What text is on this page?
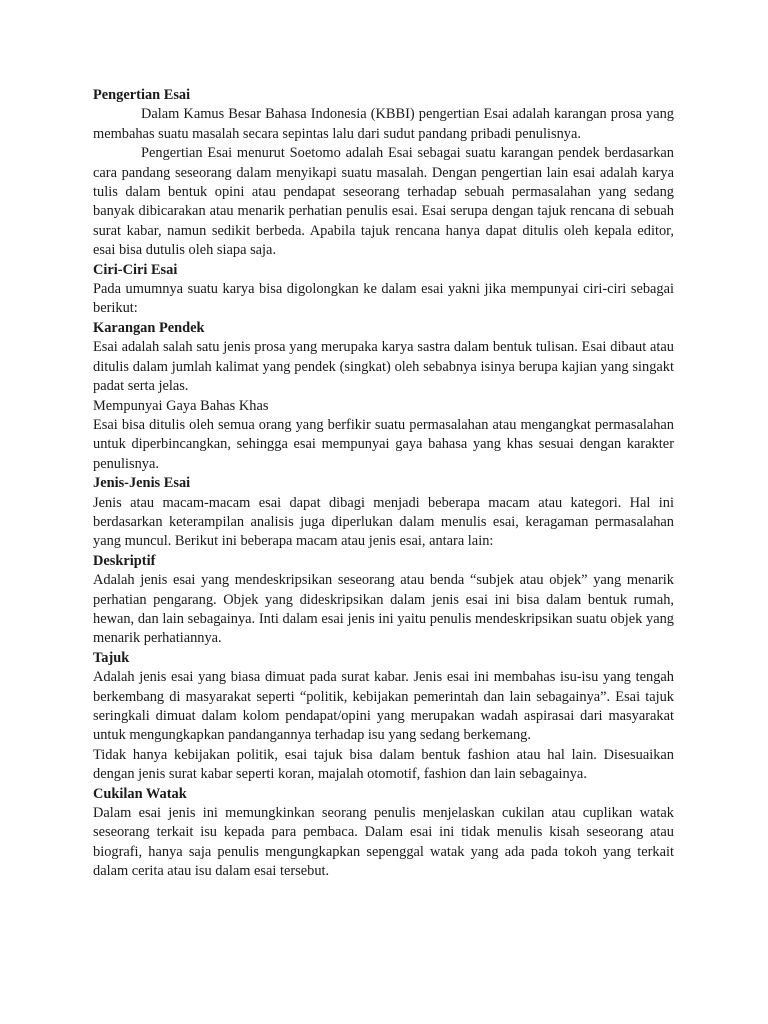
Pengertian Esai
Dalam Kamus Besar Bahasa Indonesia (KBBI) pengertian Esai adalah karangan prosa yang membahas suatu masalah secara sepintas lalu dari sudut pandang pribadi penulisnya.
Pengertian Esai menurut Soetomo adalah Esai sebagai suatu karangan pendek berdasarkan cara pandang seseorang dalam menyikapi suatu masalah. Dengan pengertian lain esai adalah karya tulis dalam bentuk opini atau pendapat seseorang terhadap sebuah permasalahan yang sedang banyak dibicarakan atau menarik perhatian penulis esai. Esai serupa dengan tajuk rencana di sebuah surat kabar, namun sedikit berbeda. Apabila tajuk rencana hanya dapat ditulis oleh kepala editor, esai bisa dutulis oleh siapa saja.
Ciri-Ciri Esai
Pada umumnya suatu karya bisa digolongkan ke dalam esai yakni jika mempunyai ciri-ciri sebagai berikut:
Karangan Pendek
Esai adalah salah satu jenis prosa yang merupaka karya sastra dalam bentuk tulisan. Esai dibaut atau ditulis dalam jumlah kalimat yang pendek (singkat) oleh sebabnya isinya berupa kajian yang singakt padat serta jelas.
Mempunyai Gaya Bahas Khas
Esai bisa ditulis oleh semua orang yang berfikir suatu permasalahan atau mengangkat permasalahan untuk diperbincangkan, sehingga esai mempunyai gaya bahasa yang khas sesuai dengan karakter penulisnya.
Jenis-Jenis Esai
Jenis atau macam-macam esai dapat dibagi menjadi beberapa macam atau kategori. Hal ini berdasarkan keterampilan analisis juga diperlukan dalam menulis esai, keragaman permasalahan yang muncul. Berikut ini beberapa macam atau jenis esai, antara lain:
Deskriptif
Adalah jenis esai yang mendeskripsikan seseorang atau benda “subjek atau objek” yang menarik perhatian pengarang. Objek yang dideskripsikan dalam jenis esai ini bisa dalam bentuk rumah, hewan, dan lain sebagainya. Inti dalam esai jenis ini yaitu penulis mendeskripsikan suatu objek yang menarik perhatiannya.
Tajuk
Adalah jenis esai yang biasa dimuat pada surat kabar. Jenis esai ini membahas isu-isu yang tengah berkembang di masyarakat seperti “politik, kebijakan pemerintah dan lain sebagainya”. Esai tajuk seringkali dimuat dalam kolom pendapat/opini yang merupakan wadah aspirasai dari masyarakat untuk mengungkapkan pandangannya terhadap isu yang sedang berkemang.
Tidak hanya kebijakan politik, esai tajuk bisa dalam bentuk fashion atau hal lain. Disesuaikan dengan jenis surat kabar seperti koran, majalah otomotif, fashion dan lain sebagainya.
Cukilan Watak
Dalam esai jenis ini memungkinkan seorang penulis menjelaskan cukilan atau cuplikan watak seseorang terkait isu kepada para pembaca. Dalam esai ini tidak menulis kisah seseorang atau biografi, hanya saja penulis mengungkapkan sepenggal watak yang ada pada tokoh yang terkait dalam cerita atau isu dalam esai tersebut.
